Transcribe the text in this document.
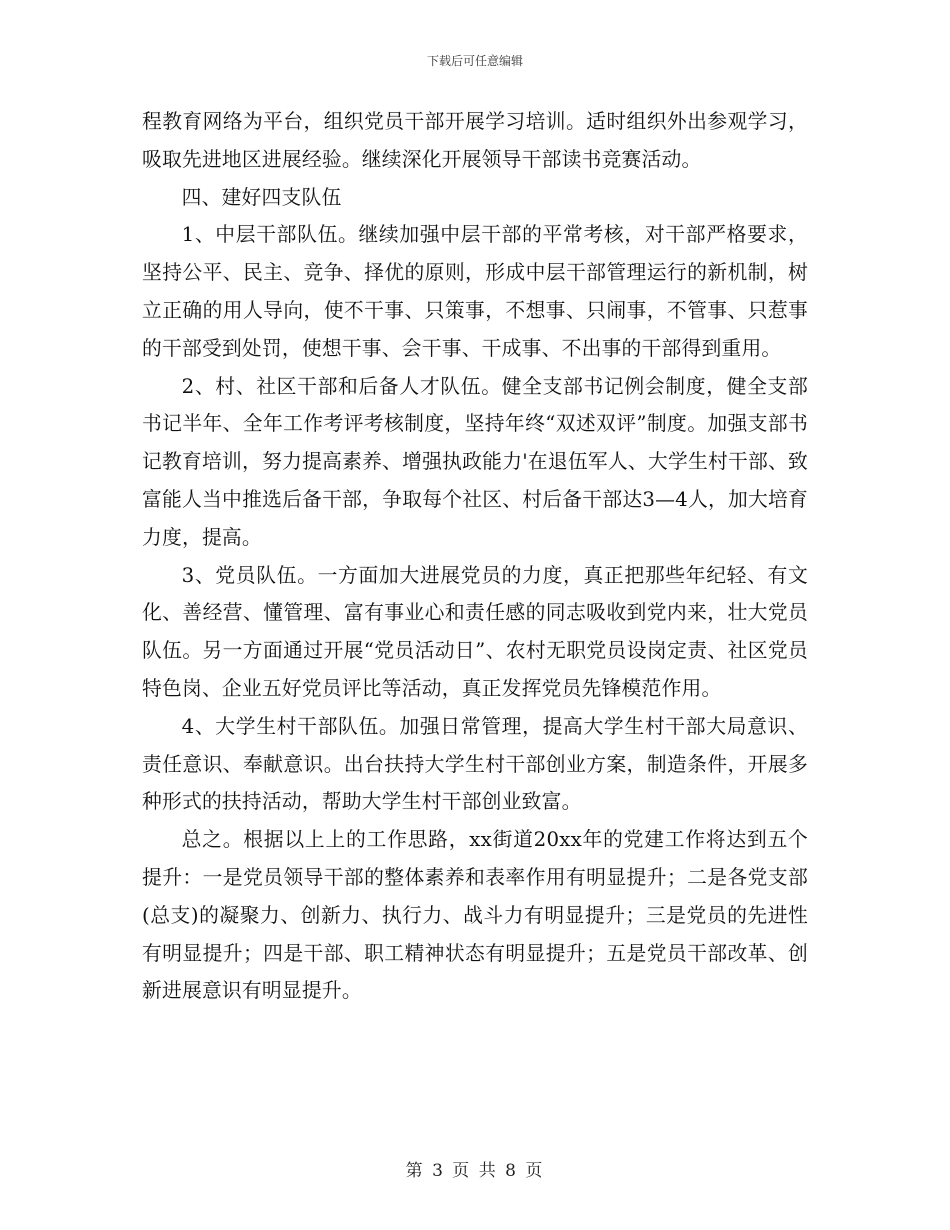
下载后可任意编辑

程教育网络为平台，组织党员干部开展学习培训。适时组织外出参观学习，吸取先进地区进展经验。继续深化开展领导干部读书竞赛活动。

四、建好四支队伍

1、中层干部队伍。继续加强中层干部的平常考核，对干部严格要求，坚持公平、民主、竞争、择优的原则，形成中层干部管理运行的新机制，树立正确的用人导向，使不干事、只策事，不想事、只闹事，不管事、只惹事的干部受到处罚，使想干事、会干事、干成事、不出事的干部得到重用。

2、村、社区干部和后备人才队伍。健全支部书记例会制度，健全支部书记半年、全年工作考评考核制度，坚持年终“双述双评”制度。加强支部书记教育培训，努力提高素养、增强执政能力'在退伍军人、大学生村干部、致富能人当中推选后备干部，争取每个社区、村后备干部达3—4人，加大培育力度，提高。

3、党员队伍。一方面加大进展党员的力度，真正把那些年纪轻、有文化、善经营、懂管理、富有事业心和责任感的同志吸收到党内来，壮大党员队伍。另一方面通过开展“党员活动日”、农村无职党员设岗定责、社区党员特色岗、企业五好党员评比等活动，真正发挥党员先锋模范作用。

4、大学生村干部队伍。加强日常管理，提高大学生村干部大局意识、责任意识、奉献意识。出台扶持大学生村干部创业方案，制造条件，开展多种形式的扶持活动，帮助大学生村干部创业致富。

总之。根据以上上的工作思路，xx街道20xx年的党建工作将达到五个提升：一是党员领导干部的整体素养和表率作用有明显提升；二是各党支部(总支)的凝聚力、创新力、执行力、战斗力有明显提升；三是党员的先进性有明显提升；四是干部、职工精神状态有明显提升；五是党员干部改革、创新进展意识有明显提升。

第 3 页 共 8 页
